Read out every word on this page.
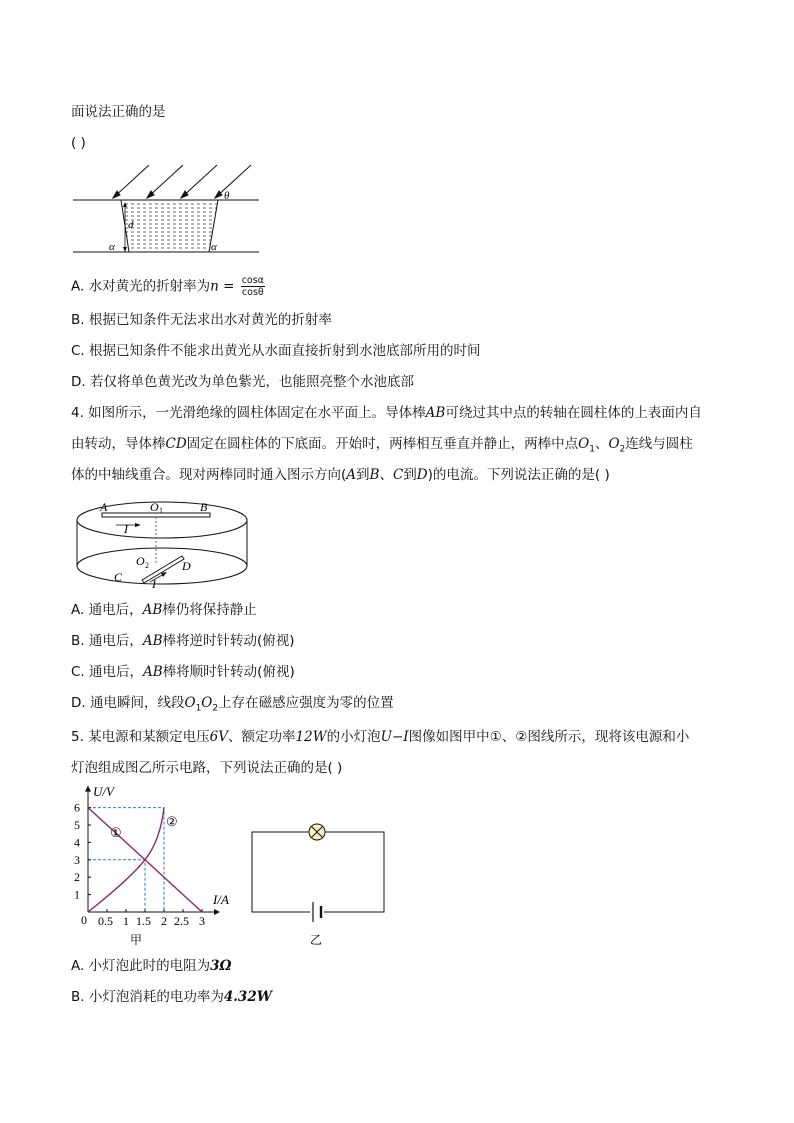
面说法正确的是
( )
d
θ
α	α
A. 水对黄光的折射率为$n = \frac{\cos\alpha}{\cos\theta}$
B. 根据已知条件无法求出水对黄光的折射率
C. 根据已知条件不能求出黄光从水面直接折射到水池底部所用的时间
D. 若仅将单色黄光改为单色紫光，也能照亮整个水池底部
4. 如图所示，一光滑绝缘的圆柱体固定在水平面上。导体棒AB可绕过其中点的转轴在圆柱体的上表面内自
由转动，导体棒CD固定在圆柱体的下底面。开始时，两棒相互垂直并静止，两棒中点$O_1$、$O_2$连线与圆柱
体的中轴线重合。现对两棒同时通入图示方向(A到B、C到D)的电流。下列说法正确的是( )
A	O 1	B
I
O 2
C
D
I
A. 通电后，AB棒仍将保持静止
B. 通电后，AB棒将逆时针转动(俯视)
C. 通电后，AB棒将顺时针转动(俯视)
D. 通电瞬间，线段$O_1O_2$上存在磁感应强度为零的位置
5. 某电源和某额定电压6V、额定功率12W的小灯泡U−I图像如图甲中①、②图线所示，现将该电源和小
灯泡组成图乙所示电路，下列说法正确的是( )
1
2
3
4
5
6
0.5 1 1.5 2 2.5 3
U/V
I/A
0
①
②
甲	乙
A. 小灯泡此时的电阻为3Ω
B. 小灯泡消耗的电功率为4.32W
